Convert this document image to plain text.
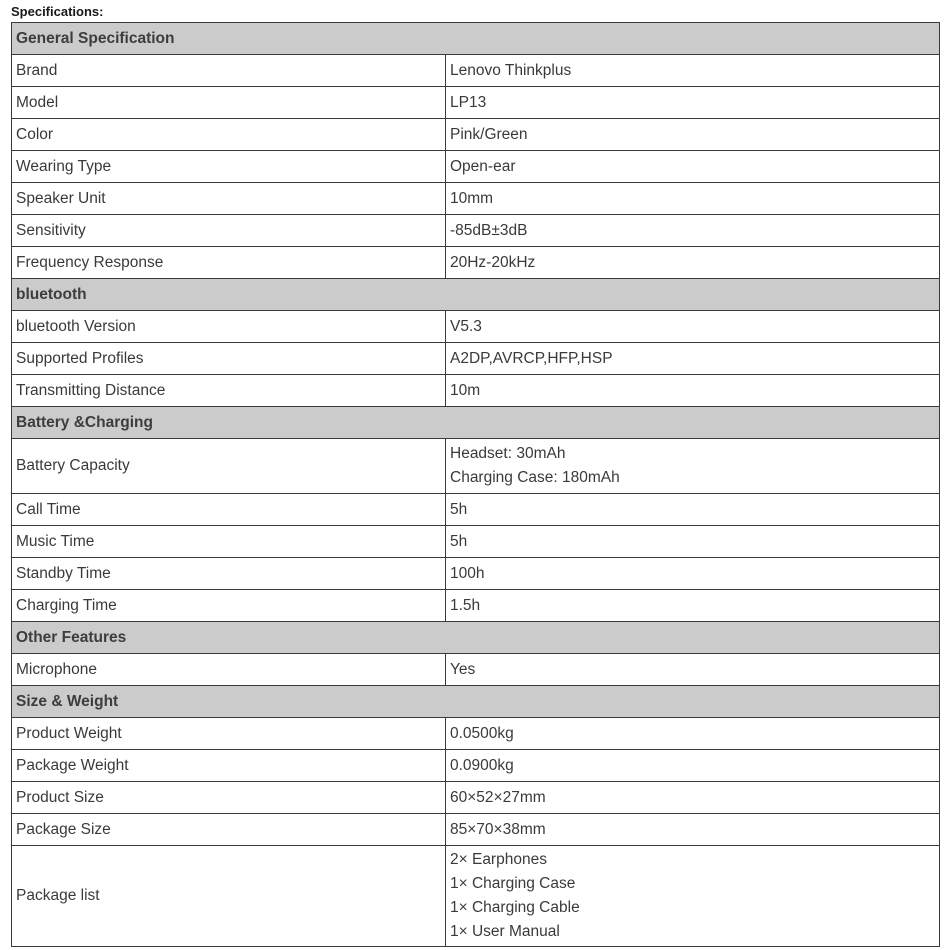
Specifications:
General Specification	
Brand	Lenovo Thinkplus
Model	LP13
Color	Pink/Green
Wearing Type	Open-ear
Speaker Unit	10mm
Sensitivity	-85dB±3dB
Frequency Response	20Hz-20kHz
bluetooth	
bluetooth Version	V5.3
Supported Profiles	A2DP,AVRCP,HFP,HSP
Transmitting Distance	10m
Battery &Charging	
Battery Capacity	Headset: 30mAh
Charging Case: 180mAh

Call Time	5h
Music Time	5h
Standby Time	100h
Charging Time	1.5h
Other Features	
Microphone	Yes
Size & Weight	
Product Weight	0.0500kg
Package Weight	0.0900kg
Product Size	60×52×27mm
Package Size	85×70×38mm
Package list	2× Earphones
1× Charging Case
1× Charging Cable
1× User Manual
